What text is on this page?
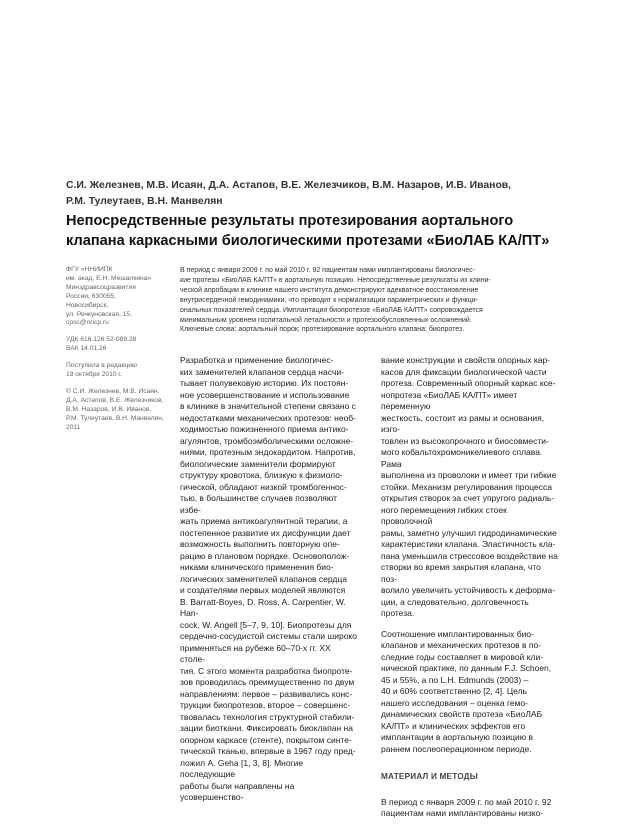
С.И. Железнев, М.В. Исаян, Д.А. Астапов, В.Е. Железчиков, В.М. Назаров, И.В. Иванов,
Р.М. Тулеутаев, В.Н. Манвелян
Непосредственные результаты протезирования аортального
клапана каркасными биологическими протезами «БиоЛАБ КА/ПТ»
ФГУ «ННИИПК
им. акад. Е.Н. Мешалкина»
Минздравсоцразвития
России, 630055,
Новосибирск,
ул. Речкуновская, 15,
cpsc@nricp.ru
УДК 616.126.52-089.28
ВАК 14.01.26
Поступила в редакцию
19 октября 2010 г.
© С.И. Железнев, М.В. Исаян,
Д.А. Астапов, В.Е. Железчиков,
В.М. Назаров, И.В. Иванов,
Р.М. Тулеутаев, В.Н. Манвелян,
2011
В период с января 2009 г. по май 2010 г. 92 пациентам нами имплантированы биологичес-
кие протезы «БиоЛАБ КА/ПТ» в аортальную позицию. Непосредственные результаты их клини-
ческой апробации в клинике нашего института демонстрируют адекватное восстановление
внутрисердечной гемодинамики, что приводит к нормализации параметрических и функци-
ональных показателей сердца. Имплантация биопротезов «БиоЛАБ КА/ПТ» сопровождается
минимальным уровнем госпитальной летальности и протезообусловленных осложнений.
Ключевые слова: аортальный порок; протезирование аортального клапана; биопротез.

Разработка и применение биологичес-
ких заменителей клапанов сердца насчи-
тывает полувековую историю. Их постоян-
ное усовершенствование и использование
в клинике в значительной степени связано с
недостатками механических протезов: необ-
ходимостью пожизненного приема антико-
агулянтов, тромбоэмболическими осложне-
ниями, протезным эндокардитом. Напротив,
биологические заменители формируют
структуру кровотока, близкую к физиоло-
гической, обладают низкой тромбогеннос-
тью, в большинстве случаев позволяют избе-
жать приема антикоагулянтной терапии, а
постепенное развитие их дисфункции дает
возможность выполнить повторную опе-
рацию в плановом порядке. Основополож-
никами клинического применения био-
логических заменителей клапанов сердца
и создателями первых моделей являются
B. Barratt-Boyes, D. Ross, A. Carpentier, W. Han-
cock, W. Angell [5–7, 9, 10]. Биопротезы для
сердечно-сосудистой системы стали широко
применяться на рубеже 60–70-х гг. XX столе-
тия. С этого момента разработка биопроте-
зов проводилась преимущественно по двум
направлениям: первое – развивались конс-
трукции биопротезов, второе – совершенс-
твовалась технология структурной стабили-
зации биоткани. Фиксировать биоклапан на
опорном каркасе (стенте), покрытом синте-
тической тканью, впервые в 1967 году пред-
ложил A. Geha [1, 3, 8]. Многие последующие
работы были направлены на усовершенство-

вание конструкции и свойств опорных кар-
касов для фиксации биологической части
протеза. Современный опорный каркас ксе-
нопротеза «БиоЛАБ КА/ПТ» имеет переменную
жесткость, состоит из рамы и основания, изго-
товлен из высокопрочного и биосовмести-
мого кобальтохромоникелиевого сплава. Рама
выполнена из проволоки и имеет три гибкие
стойки. Механизм регулирования процесса
открытия створок за счет упругого радиаль-
ного перемещения гибких стоек проволочной
рамы, заметно улучшил гидродинамические
характеристики клапана. Эластичность кла-
пана уменьшила стрессовое воздействие на
створки во время закрытия клапана, что поз-
волило увеличить устойчивость к деформа-
ции, а следовательно, долговечность протеза.

Соотношение имплантированных био-
клапанов и механических протезов в по-
следние годы составляет в мировой кли-
нической практике, по данным F.J. Schoen,
45 и 55%, а по L.H. Edmunds (2003) –
40 и 60% соответственно [2, 4]. Цель
нашего исследования – оценка гемо-
динамических свойств протеза «БиоЛАБ
КА/ПТ» и клинических эффектов его
имплантации в аортальную позицию в
раннем послеоперационном периоде.

МАТЕРИАЛ И МЕТОДЫ

В период с января 2009 г. по май 2010 г. 92
пациентам нами имплантированы низко-
